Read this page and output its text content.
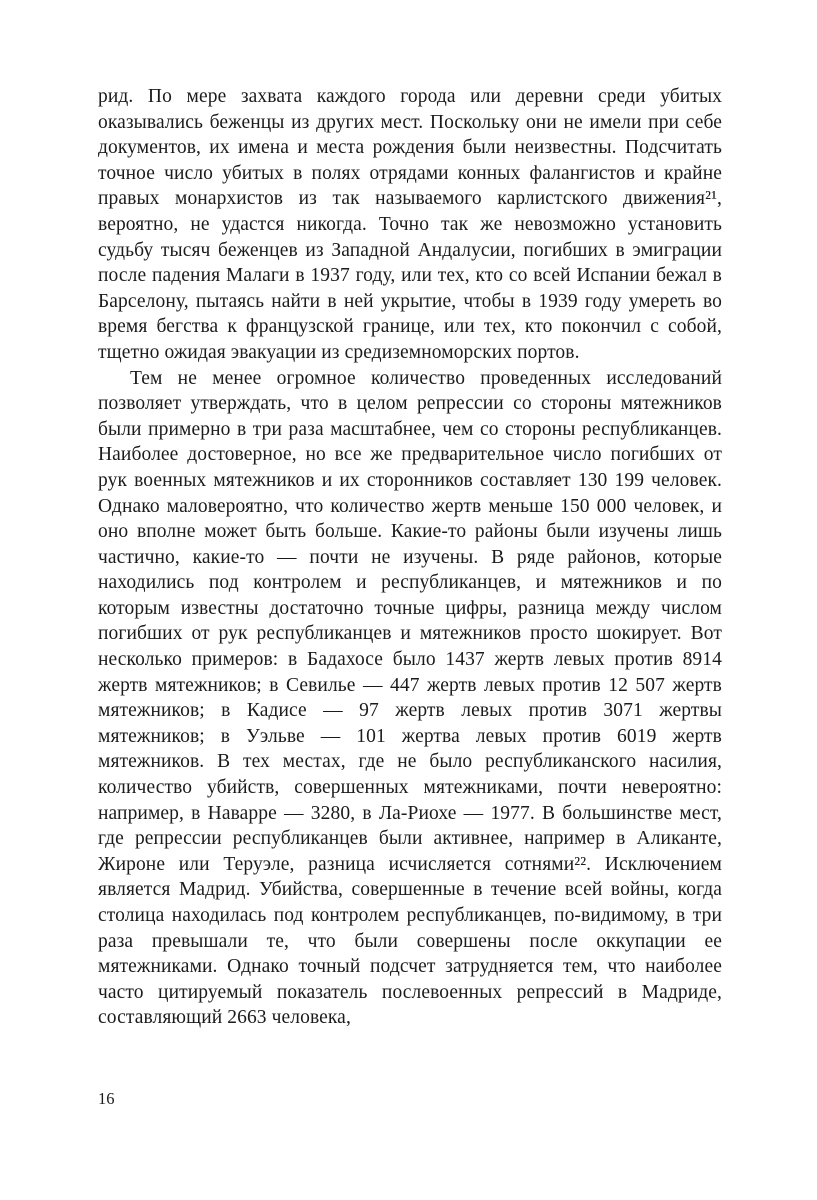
рид. По мере захвата каждого города или деревни среди убитых оказывались беженцы из других мест. Поскольку они не имели при себе документов, их имена и места рождения были неизвестны. Подсчитать точное число убитых в полях отрядами конных фалангистов и крайне правых монархистов из так называемого карлистского движения²¹, вероятно, не удастся никогда. Точно так же невозможно установить судьбу тысяч беженцев из Западной Андалусии, погибших в эмиграции после падения Малаги в 1937 году, или тех, кто со всей Испании бежал в Барселону, пытаясь найти в ней укрытие, чтобы в 1939 году умереть во время бегства к французской границе, или тех, кто покончил с собой, тщетно ожидая эвакуации из средиземноморских портов.

Тем не менее огромное количество проведенных исследований позволяет утверждать, что в целом репрессии со стороны мятежников были примерно в три раза масштабнее, чем со стороны республиканцев. Наиболее достоверное, но все же предварительное число погибших от рук военных мятежников и их сторонников составляет 130 199 человек. Однако маловероятно, что количество жертв меньше 150 000 человек, и оно вполне может быть больше. Какие-то районы были изучены лишь частично, какие-то — почти не изучены. В ряде районов, которые находились под контролем и республиканцев, и мятежников и по которым известны достаточно точные цифры, разница между числом погибших от рук республиканцев и мятежников просто шокирует. Вот несколько примеров: в Бадахосе было 1437 жертв левых против 8914 жертв мятежников; в Севилье — 447 жертв левых против 12 507 жертв мятежников; в Кадисе — 97 жертв левых против 3071 жертвы мятежников; в Уэльве — 101 жертва левых против 6019 жертв мятежников. В тех местах, где не было республиканского насилия, количество убийств, совершенных мятежниками, почти невероятно: например, в Наварре — 3280, в Ла-Риохе — 1977. В большинстве мест, где репрессии республиканцев были активнее, например в Аликанте, Жироне или Теруэле, разница исчисляется сотнями²². Исключением является Мадрид. Убийства, совершенные в течение всей войны, когда столица находилась под контролем республиканцев, по-видимому, в три раза превышали те, что были совершены после оккупации ее мятежниками. Однако точный подсчет затрудняется тем, что наиболее часто цитируемый показатель послевоенных репрессий в Мадриде, составляющий 2663 человека,

16
